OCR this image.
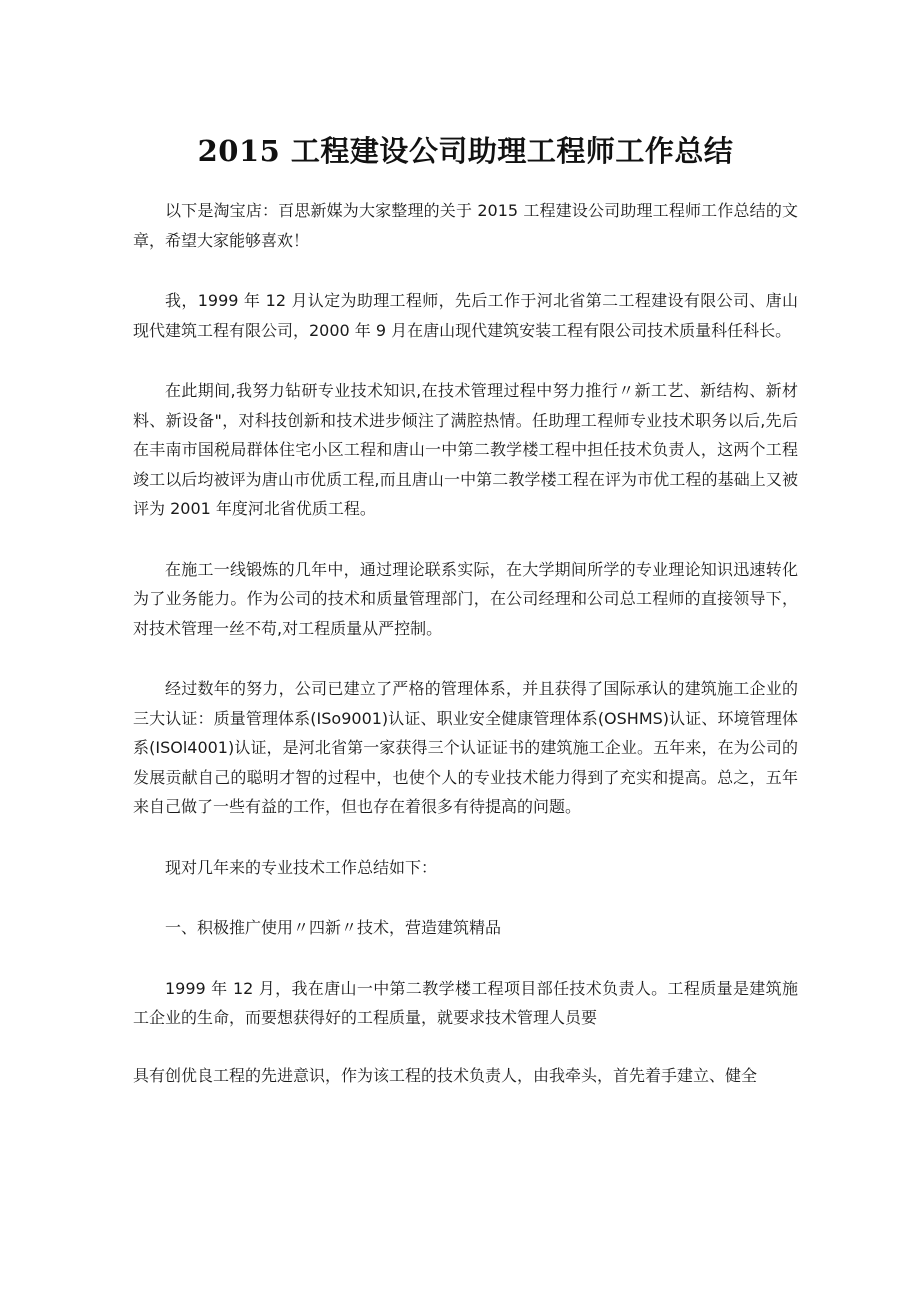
2015 工程建设公司助理工程师工作总结

以下是淘宝店：百思新媒为大家整理的关于 2015 工程建设公司助理工程师工作总结的文章，希望大家能够喜欢！

我，1999 年 12 月认定为助理工程师，先后工作于河北省第二工程建设有限公司、唐山现代建筑工程有限公司，2000 年 9 月在唐山现代建筑安装工程有限公司技术质量科任科长。

在此期间,我努力钻研专业技术知识,在技术管理过程中努力推行〃新工艺、新结构、新材料、新设备"，对科技创新和技术进步倾注了满腔热情。任助理工程师专业技术职务以后,先后在丰南市国税局群体住宅小区工程和唐山一中第二教学楼工程中担任技术负责人，这两个工程竣工以后均被评为唐山市优质工程,而且唐山一中第二教学楼工程在评为市优工程的基础上又被评为 2001 年度河北省优质工程。

在施工一线锻炼的几年中，通过理论联系实际，在大学期间所学的专业理论知识迅速转化为了业务能力。作为公司的技术和质量管理部门，在公司经理和公司总工程师的直接领导下，对技术管理一丝不苟,对工程质量从严控制。

经过数年的努力，公司已建立了严格的管理体系，并且获得了国际承认的建筑施工企业的三大认证：质量管理体系(ISo9001)认证、职业安全健康管理体系(OSHMS)认证、环境管理体系(ISOl4001)认证，是河北省第一家获得三个认证证书的建筑施工企业。五年来，在为公司的发展贡献自己的聪明才智的过程中，也使个人的专业技术能力得到了充实和提高。总之，五年来自己做了一些有益的工作，但也存在着很多有待提高的问题。

现对几年来的专业技术工作总结如下：

一、积极推广使用〃四新〃技术，营造建筑精品

1999 年 12 月，我在唐山一中第二教学楼工程项目部任技术负责人。工程质量是建筑施工企业的生命，而要想获得好的工程质量，就要求技术管理人员要

具有创优良工程的先进意识，作为该工程的技术负责人，由我牵头，首先着手建立、健全
